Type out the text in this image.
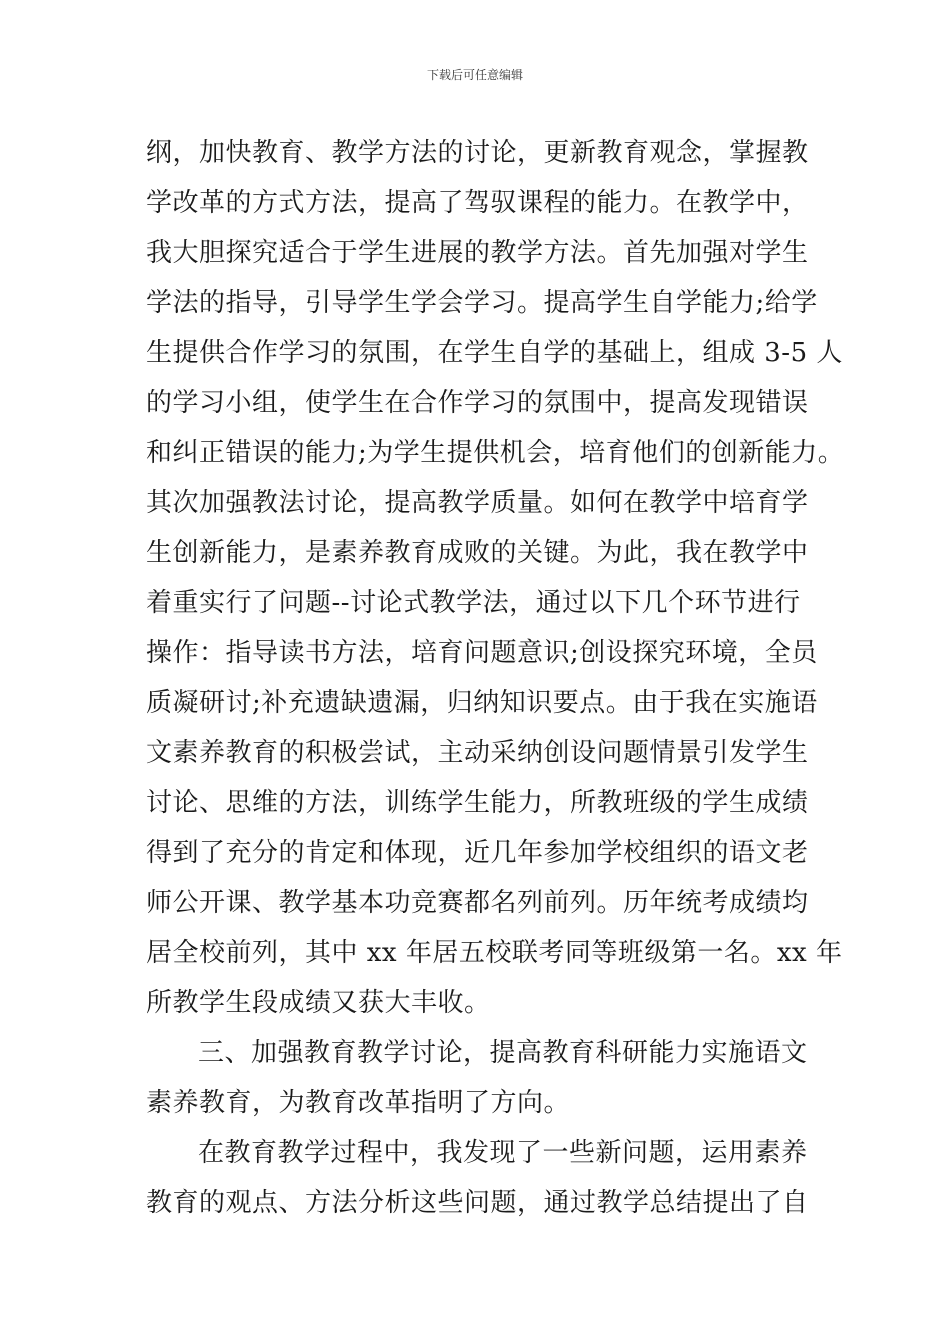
下载后可任意编辑
纲，加快教育、教学方法的讨论，更新教育观念，掌握教
学改革的方式方法，提高了驾驭课程的能力。在教学中，
我大胆探究适合于学生进展的教学方法。首先加强对学生
学法的指导，引导学生学会学习。提高学生自学能力;给学
生提供合作学习的氛围，在学生自学的基础上，组成 3-5 人
的学习小组，使学生在合作学习的氛围中，提高发现错误
和纠正错误的能力;为学生提供机会，培育他们的创新能力。
其次加强教法讨论，提高教学质量。如何在教学中培育学
生创新能力，是素养教育成败的关键。为此，我在教学中
着重实行了问题--讨论式教学法，通过以下几个环节进行
操作：指导读书方法，培育问题意识;创设探究环境，全员
质凝研讨;补充遗缺遗漏，归纳知识要点。由于我在实施语
文素养教育的积极尝试，主动采纳创设问题情景引发学生
讨论、思维的方法，训练学生能力，所教班级的学生成绩
得到了充分的肯定和体现，近几年参加学校组织的语文老
师公开课、教学基本功竞赛都名列前列。历年统考成绩均
居全校前列，其中 xx 年居五校联考同等班级第一名。xx 年
所教学生段成绩又获大丰收。
三、加强教育教学讨论，提高教育科研能力实施语文
素养教育，为教育改革指明了方向。
在教育教学过程中，我发现了一些新问题，运用素养
教育的观点、方法分析这些问题，通过教学总结提出了自
